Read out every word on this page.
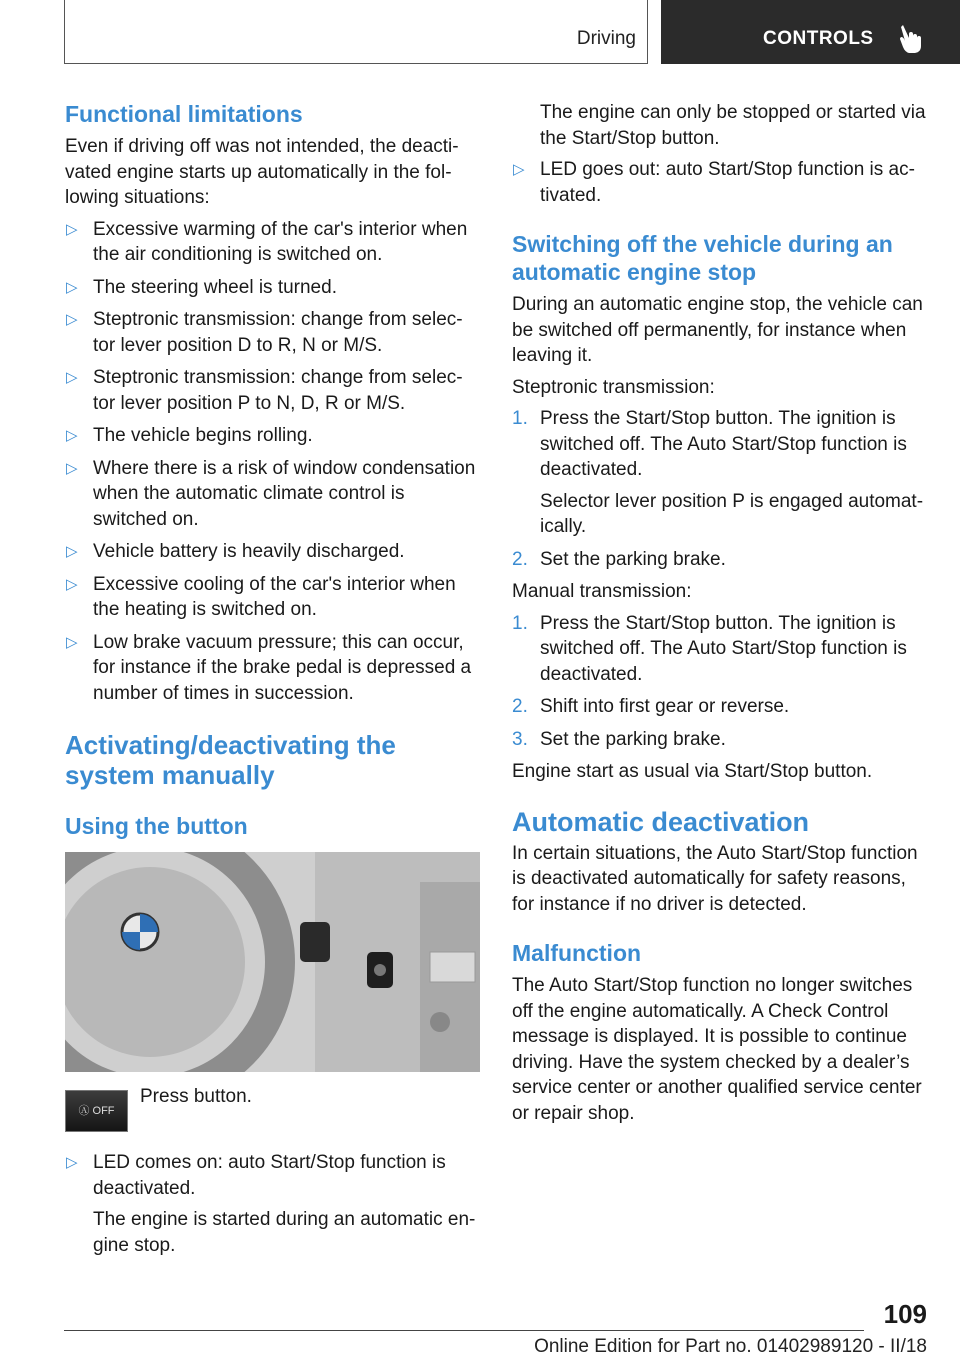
Driving	CONTROLS
Functional limitations

Even if driving off was not intended, the deacti‐vated engine starts up automatically in the fol‐lowing situations:

▷ Excessive warming of the car's interior when the air conditioning is switched on.
▷ The steering wheel is turned.
▷ Steptronic transmission: change from selec‐tor lever position D to R, N or M/S.
▷ Steptronic transmission: change from selec‐tor lever position P to N, D, R or M/S.
▷ The vehicle begins rolling.
▷ Where there is a risk of window condensation when the automatic climate control is switched on.
▷ Vehicle battery is heavily discharged.
▷ Excessive cooling of the car's interior when the heating is switched on.
▷ Low brake vacuum pressure; this can occur, for instance if the brake pedal is depressed a number of times in succession.
Activating/deactivating the system manually
Using the button
Ⓐ OFF
Press button.
▷ LED comes on: auto Start/Stop function is deactivated.
The engine is started during an automatic en‐gine stop.

The engine can only be stopped or started via the Start/Stop button.

▷ LED goes out: auto Start/Stop function is ac‐tivated.
Switching off the vehicle during an automatic engine stop

During an automatic engine stop, the vehicle can be switched off permanently, for instance when leaving it.

Steptronic transmission:

1. Press the Start/Stop button. The ignition is switched off. The Auto Start/Stop function is deactivated.
Selector lever position P is engaged automat‐ically.
2. Set the parking brake.

Manual transmission:

1. Press the Start/Stop button. The ignition is switched off. The Auto Start/Stop function is deactivated.
2. Shift into first gear or reverse.
3. Set the parking brake.

Engine start as usual via Start/Stop button.

Automatic deactivation

In certain situations, the Auto Start/Stop function is deactivated automatically for safety reasons, for instance if no driver is detected.

Malfunction

The Auto Start/Stop function no longer switches off the engine automatically. A Check Control message is displayed. It is possible to continue driving. Have the system checked by a dealer’s service center or another qualified service center or repair shop.

109
Online Edition for Part no. 01402989120 - II/18
